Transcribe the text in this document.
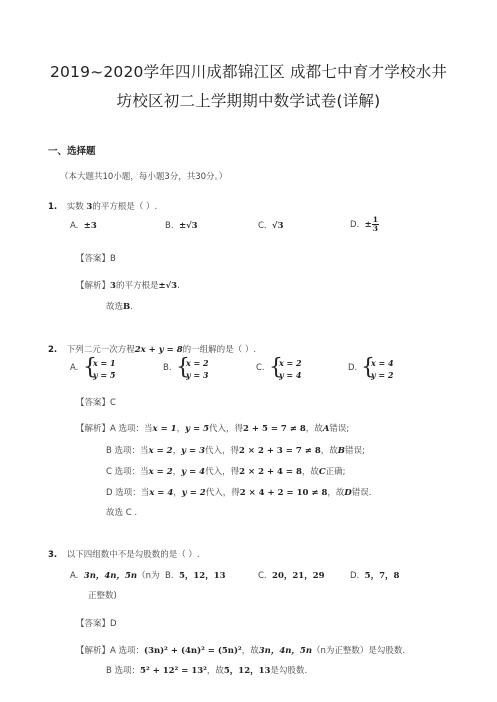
2019~2020学年四川成都锦江区 成都七中育才学校水井
坊校区初二上学期期中数学试卷(详解)
一、选择题
（本大题共10小题，每小题3分，共30分。）
1. 实数 3的平方根是（ ）.
A. ±3	B. ±√3	C. √3	D. ± $\frac{1}{3}$
【答案】B
【解析】3的平方根是±√3.
故选B.
2. 下列二元一次方程2x + y = 8的一组解的是（ ）.
A. {
x = 1
y = 5
B. {
x = 2
y = 3
C. {
x = 2
y = 4
D. {
x = 4
y = 2
【答案】C
【解析】A 选项：当x = 1，y = 5代入，得2 + 5 = 7 ≠ 8，故A错误;
B 选项：当x = 2，y = 3代入，得2 × 2 + 3 = 7 ≠ 8，故B错误;
C 选项：当x = 2，y = 4代入，得2 × 2 + 4 = 8，故C正确;
D 选项：当x = 4，y = 2代入，得2 × 4 + 2 = 10 ≠ 8，故D错误.
故选 C .
3. 以下四组数中不是勾股数的是（ ）.
A. 3n，4n，5n（n为
正整数)
B. 5，12，13	C. 20，21，29	D. 5，7，8
【答案】D
【解析】A 选项：(3n)² + (4n)² = (5n)²，故3n，4n，5n（n为正整数）是勾股数.
B 选项：5² + 12² = 13²，故5，12，13是勾股数.
